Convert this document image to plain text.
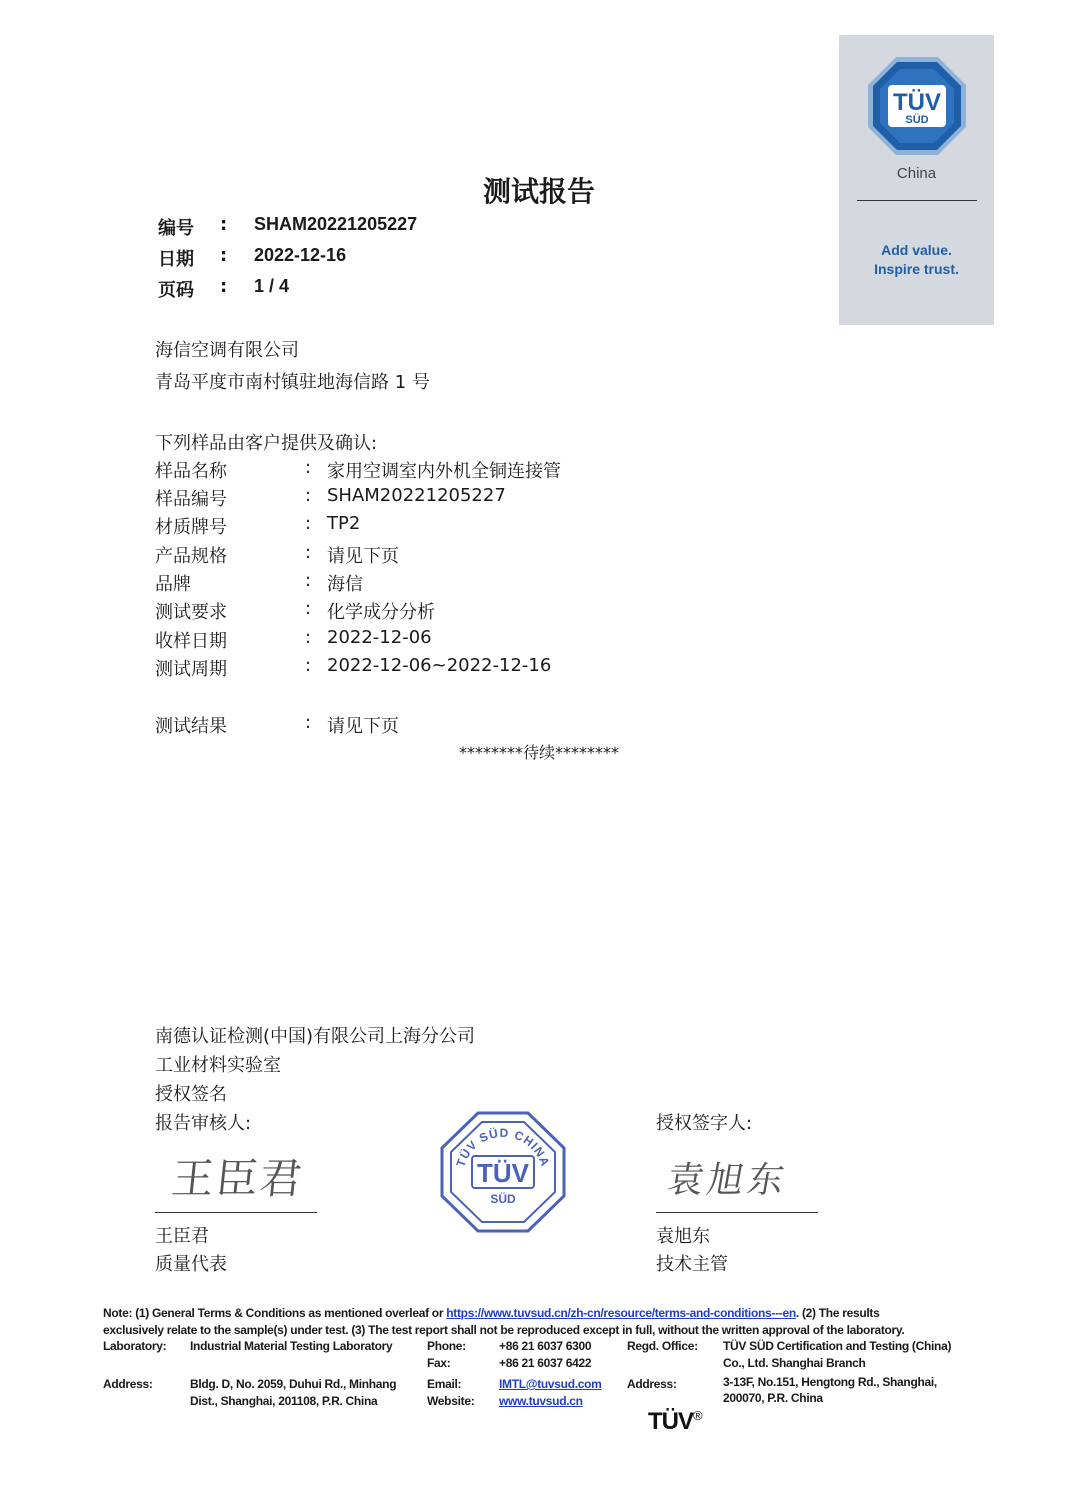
TÜV
SÜD
China
Add value.
Inspire trust.
测试报告
编号	: SHAM20221205227
日期	: 2022-12-16
页码	: 1 / 4
海信空调有限公司
青岛平度市南村镇驻地海信路 1 号
下列样品由客户提供及确认:
样品名称	: 家用空调室内外机全铜连接管
样品编号	: SHAM20221205227
材质牌号	: TP2
产品规格	: 请见下页
品牌	: 海信
测试要求	: 化学成分分析
收样日期	: 2022-12-06
测试周期	: 2022-12-06~2022-12-16
测试结果	: 请见下页
********待续********
南德认证检测(中国)有限公司上海分公司
工业材料实验室
授权签名
报告审核人:
王臣君
王臣君
质量代表
TÜV SÜD CHINA
TÜV
SÜD
授权签字人:
袁旭东
袁旭东
技术主管
Note: (1) General Terms & Conditions as mentioned overleaf or https://www.tuvsud.cn/zh-cn/resource/terms-and-conditions---en. (2) The results
exclusively relate to the sample(s) under test. (3) The test report shall not be reproduced except in full, without the written approval of the laboratory.
Laboratory: Industrial Material Testing Laboratory
Address:	Bldg. D, No. 2059, Duhui Rd., Minhang
Dist., Shanghai, 201108, P.R. China
Phone:	+86 21 6037 6300
Fax:	+86 21 6037 6422
Email:	IMTL@tuvsud.com
Website: www.tuvsud.cn
Regd. Office: TÜV SÜD Certification and Testing (China)
Co., Ltd. Shanghai Branch
Address:	3-13F, No.151, Hengtong Rd., Shanghai,
200070, P.R. China
TÜV®
